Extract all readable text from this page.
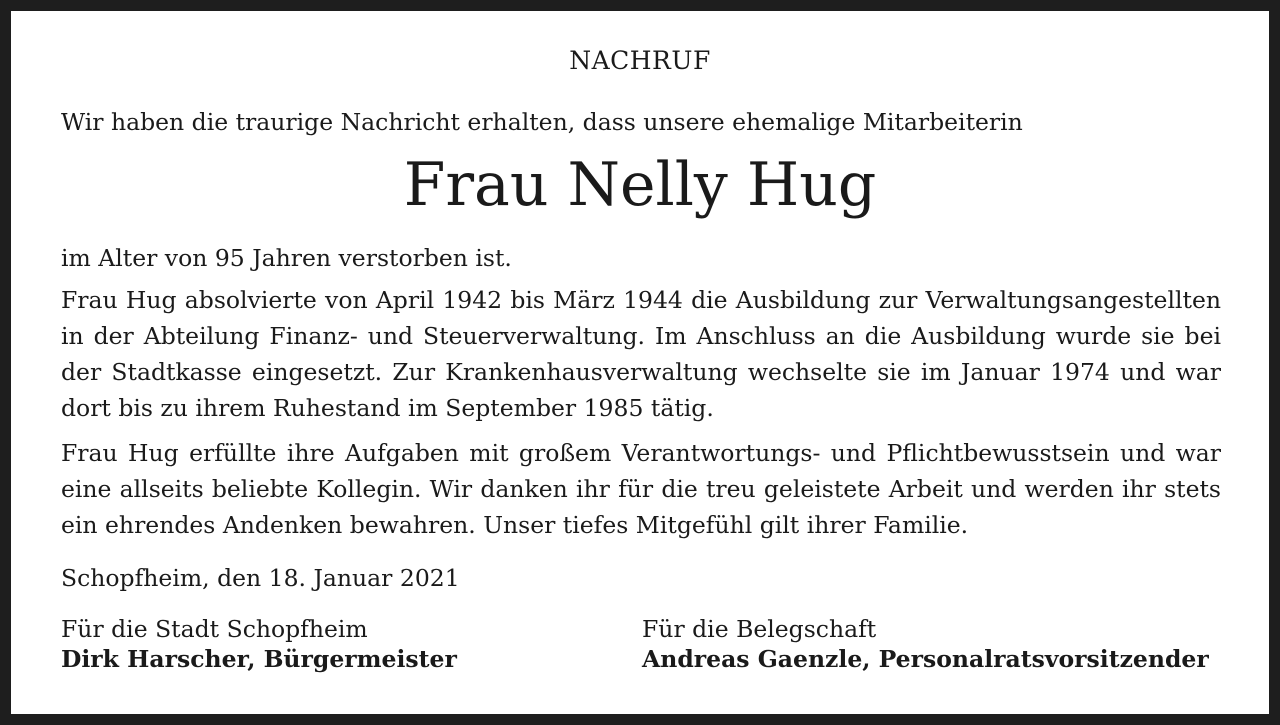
NACHRUF
Wir haben die traurige Nachricht erhalten, dass unsere ehemalige Mitarbeiterin
Frau Nelly Hug
im Alter von 95 Jahren verstorben ist.
Frau Hug absolvierte von April 1942 bis März 1944 die Ausbildung zur Verwaltungsangestellten
in der Abteilung Finanz- und Steuerverwaltung. Im Anschluss an die Ausbildung wurde sie bei
der Stadtkasse eingesetzt. Zur Krankenhausverwaltung wechselte sie im Januar 1974 und war
dort bis zu ihrem Ruhestand im September 1985 tätig.
Frau Hug erfüllte ihre Aufgaben mit großem Verantwortungs- und Pflichtbewusstsein und war
eine allseits beliebte Kollegin. Wir danken ihr für die treu geleistete Arbeit und werden ihr stets
ein ehrendes Andenken bewahren. Unser tiefes Mitgefühl gilt ihrer Familie.
Schopfheim, den 18. Januar 2021
Für die Stadt Schopfheim
Dirk Harscher, Bürgermeister
Für die Belegschaft
Andreas Gaenzle, Personalratsvorsitzender
